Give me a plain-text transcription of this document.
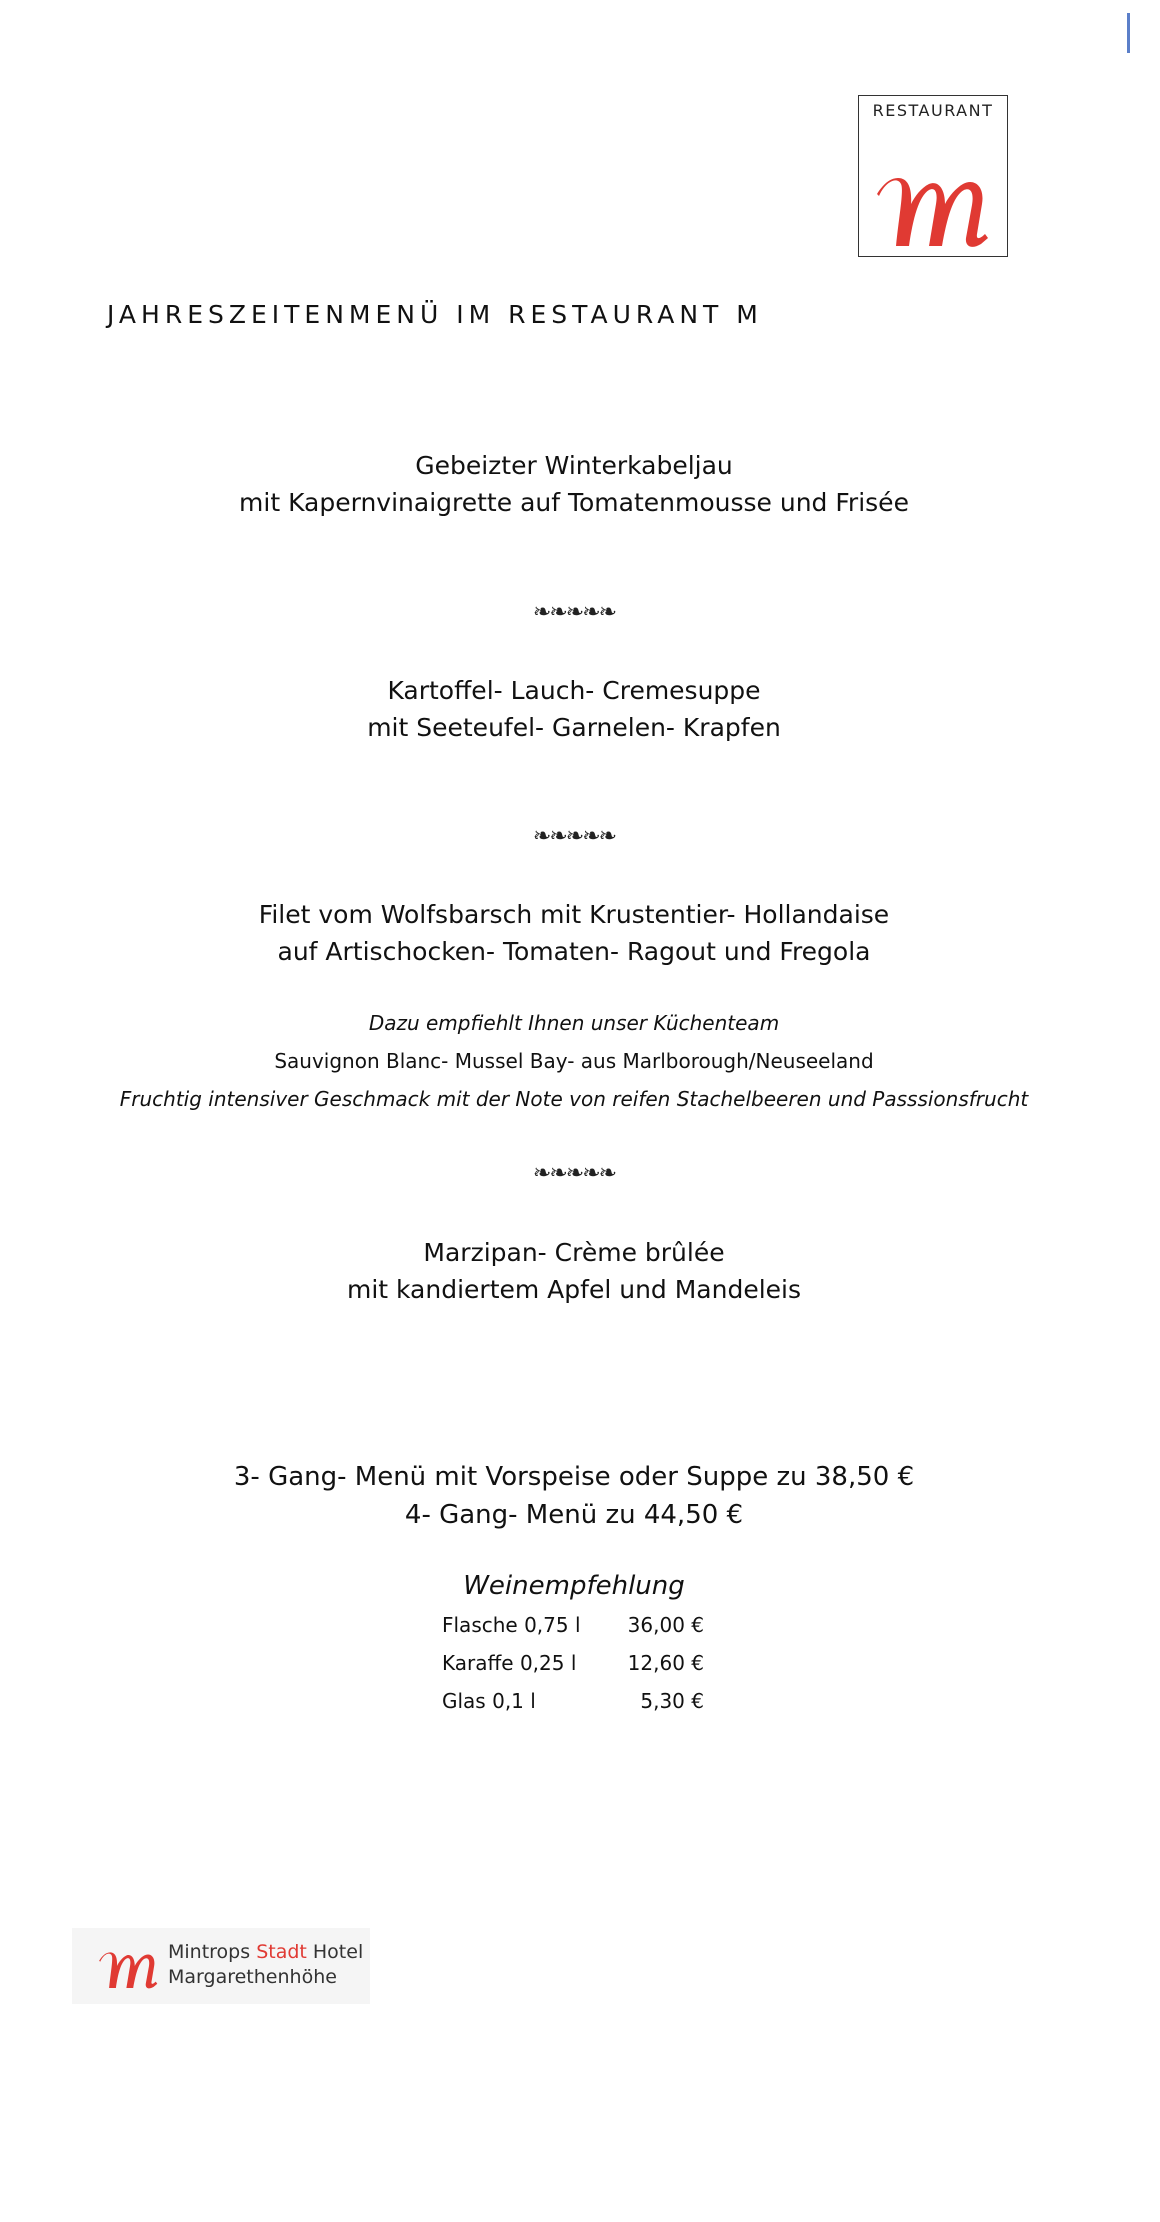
RESTAURANT
JAHRESZEITENMENÜ IM RESTAURANT M
Gebeizter Winterkabeljau
mit Kapernvinaigrette auf Tomatenmousse und Frisée
❧❧❧❧❧
Kartoffel- Lauch- Cremesuppe
mit Seeteufel- Garnelen- Krapfen
❧❧❧❧❧
Filet vom Wolfsbarsch mit Krustentier- Hollandaise
auf Artischocken- Tomaten- Ragout und Fregola
Dazu empfiehlt Ihnen unser Küchenteam
Sauvignon Blanc- Mussel Bay- aus Marlborough/Neuseeland
Fruchtig intensiver Geschmack mit der Note von reifen Stachelbeeren und Passsionsfrucht
❧❧❧❧❧
Marzipan- Crème brûlée
mit kandiertem Apfel und Mandeleis
3- Gang- Menü mit Vorspeise oder Suppe zu 38,50 €
4- Gang- Menü zu 44,50 €
Weinempfehlung
Flasche 0,75 l 36,00 €
Karaffe 0,25 l	12,60 €
Glas 0,1 l	5,30 €
Mintrops Stadt Hotel
Margarethenhöhe
